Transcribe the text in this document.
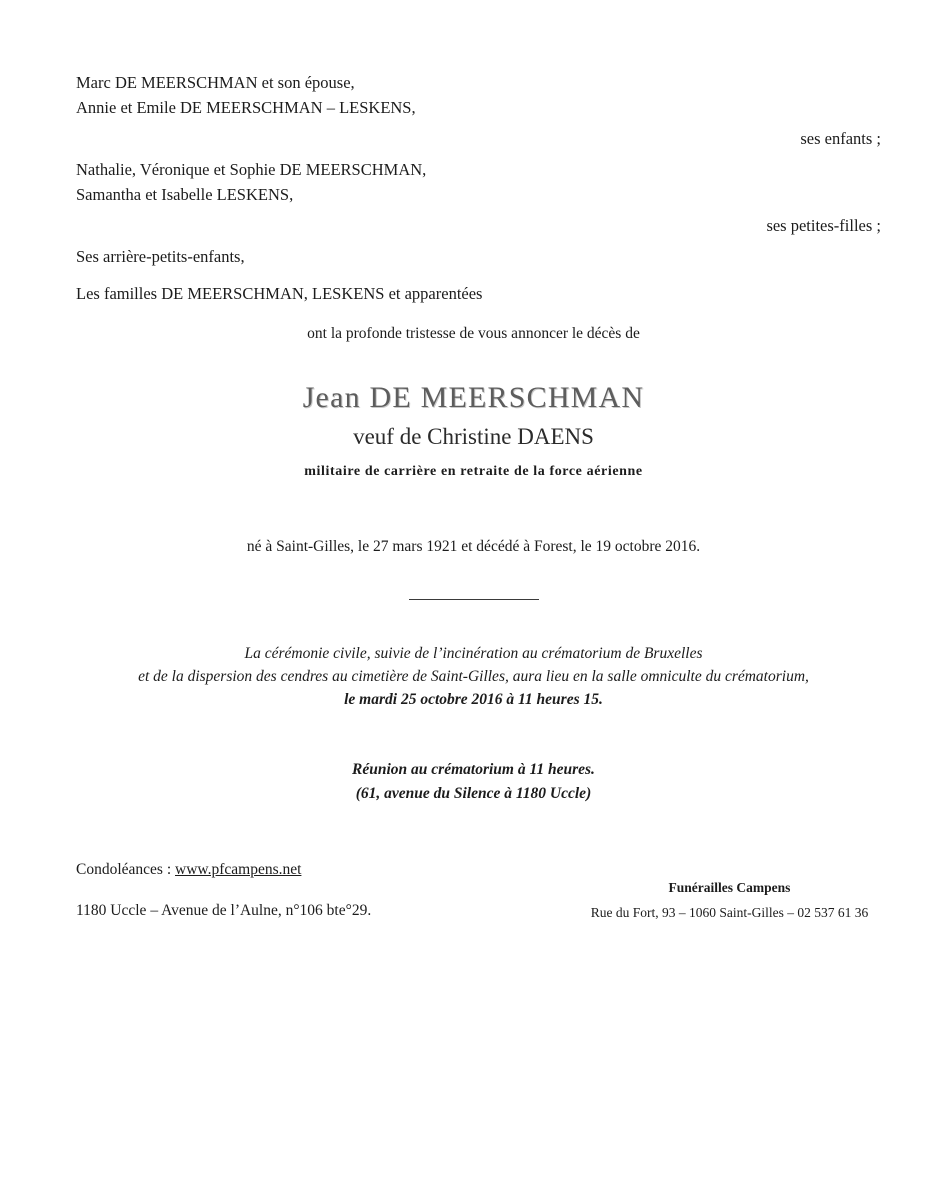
Marc DE MEERSCHMAN et son épouse,
Annie et Emile DE MEERSCHMAN – LESKENS,
ses enfants ;
Nathalie, Véronique et Sophie DE MEERSCHMAN,
Samantha et Isabelle LESKENS,
ses petites-filles ;
Ses arrière-petits-enfants,
Les familles DE MEERSCHMAN, LESKENS et apparentées
ont la profonde tristesse de vous annoncer le décès de
Jean DE MEERSCHMAN
veuf de Christine DAENS
militaire de carrière en retraite de la force aérienne
né à Saint-Gilles, le 27 mars 1921 et décédé à Forest, le 19 octobre 2016.
La cérémonie civile, suivie de l’incinération au crématorium de Bruxelles
et de la dispersion des cendres au cimetière de Saint-Gilles, aura lieu en la salle omniculte du crématorium,
le mardi 25 octobre 2016 à 11 heures 15.
Réunion au crématorium à 11 heures.
(61, avenue du Silence à 1180 Uccle)
Condoléances : www.pfcampens.net
1180 Uccle – Avenue de l’Aulne, n°106 bte°29.
Funérailles Campens
Rue du Fort, 93 – 1060 Saint-Gilles – 02 537 61 36
